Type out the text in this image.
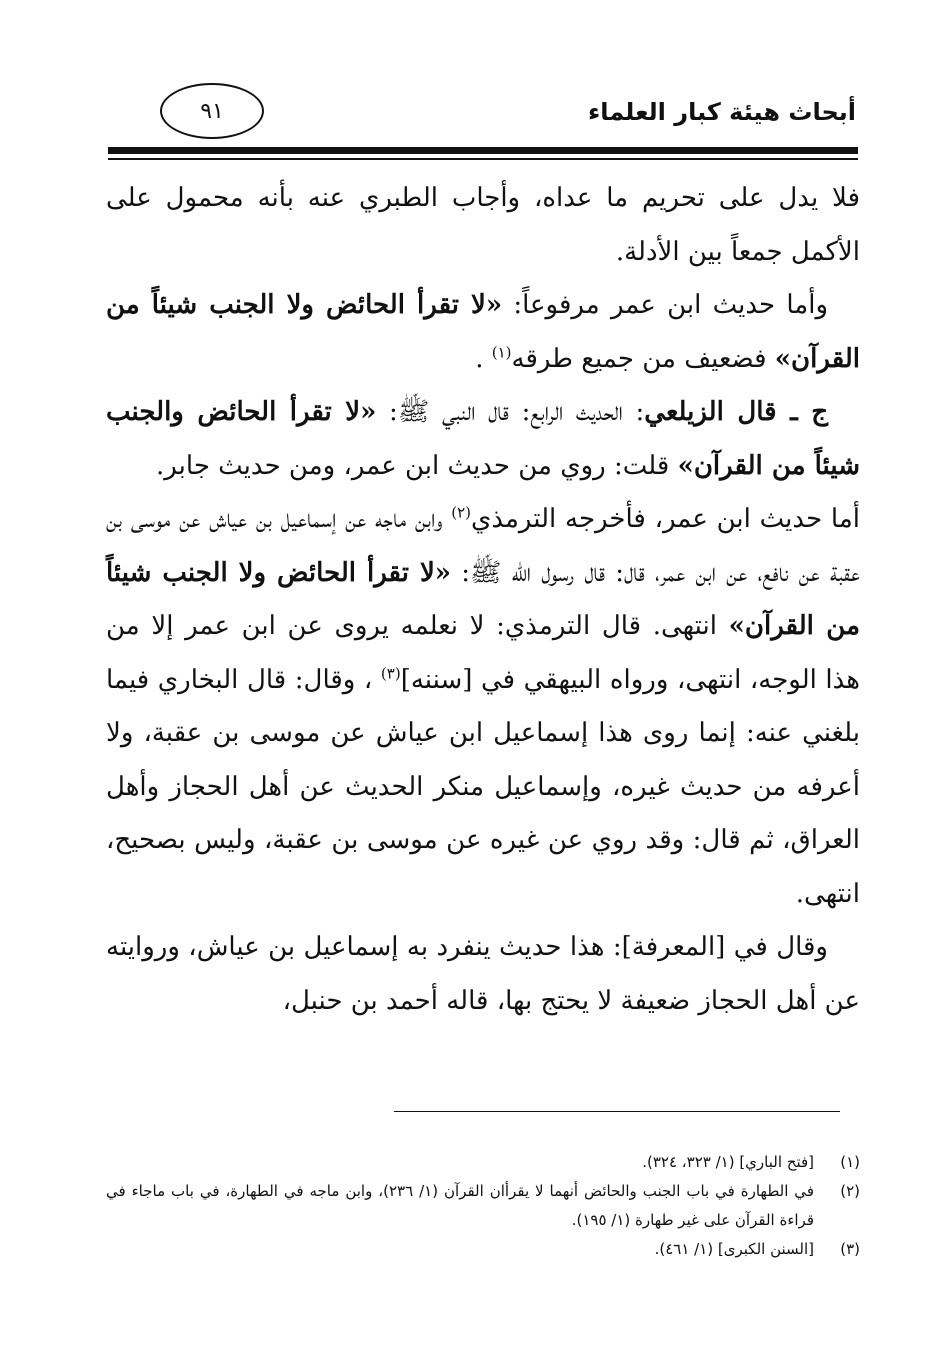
أبحاث هيئة كبار العلماء
٩١

فلا يدل على تحريم ما عداه، وأجاب الطبري عنه بأنه محمول على الأكمل جمعاً بين الأدلة.

وأما حديث ابن عمر مرفوعاً: «لا تقرأ الحائض ولا الجنب شيئاً من القرآن» فضعيف من جميع طرقه$^{(١)}$ .

ج ـ قال الزيلعي: الحديث الرابع: قال النبي ﷺ: «لا تقرأ الحائض والجنب شيئاً من القرآن» قلت: روي من حديث ابن عمر، ومن حديث جابر.

أما حديث ابن عمر، فأخرجه الترمذي$^{(٢)}$ وابن ماجه عن إسماعيل بن عياش عن موسى بن عقبة عن نافع، عن ابن عمر، قال: قال رسول الله ﷺ: «لا تقرأ الحائض ولا الجنب شيئاً من القرآن» انتهى. قال الترمذي: لا نعلمه يروى عن ابن عمر إلا من هذا الوجه، انتهى، ورواه البيهقي في [سننه]$^{(٣)}$ ، وقال: قال البخاري فيما بلغني عنه: إنما روى هذا إسماعيل ابن عياش عن موسى بن عقبة، ولا أعرفه من حديث غيره، وإسماعيل منكر الحديث عن أهل الحجاز وأهل العراق، ثم قال: وقد روي عن غيره عن موسى بن عقبة، وليس بصحيح، انتهى.

وقال في [المعرفة]: هذا حديث ينفرد به إسماعيل بن عياش، وروايته عن أهل الحجاز ضعيفة لا يحتج بها، قاله أحمد بن حنبل،

(١)
[فتح الباري] (١/ ٣٢٣، ٣٢٤).
(٢)
في الطهارة في باب الجنب والحائض أنهما لا يقرأان القرآن (١/ ٢٣٦)، وابن ماجه في الطهارة، في باب ماجاء في قراءة القرآن على غير طهارة (١/ ١٩٥).
(٣)
[السنن الكبرى] (١/ ٤٦١).
